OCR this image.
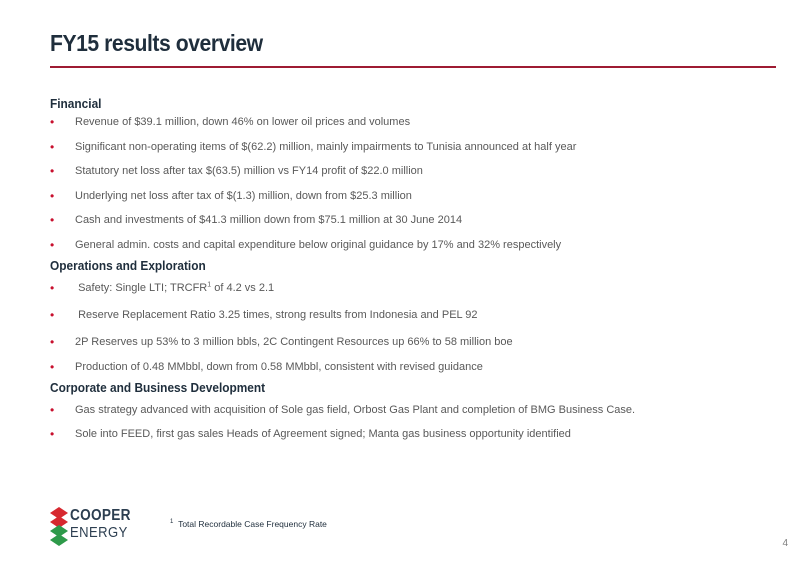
FY15 results overview
Financial
• Revenue of $39.1 million, down 46% on lower oil prices and volumes
• Significant non-operating items of $(62.2) million, mainly impairments to Tunisia announced at half year
• Statutory net loss after tax $(63.5) million vs FY14 profit of $22.0 million
• Underlying net loss after tax of $(1.3) million, down from $25.3 million
• Cash and investments of $41.3 million down from $75.1 million at 30 June 2014
• General admin. costs and capital expenditure below original guidance by 17% and 32% respectively
Operations and Exploration
• Safety: Single LTI; TRCFR$^1$ of 4.2 vs 2.1
• Reserve Replacement Ratio 3.25 times, strong results from Indonesia and PEL 92
• 2P Reserves up 53% to 3 million bbls, 2C Contingent Resources up 66% to 58 million boe
• Production of 0.48 MMbbl, down from 0.58 MMbbl, consistent with revised guidance
Corporate and Business Development
• Gas strategy advanced with acquisition of Sole gas field, Orbost Gas Plant and completion of BMG Business Case.
• Sole into FEED, first gas sales Heads of Agreement signed; Manta gas business opportunity identified
COOPER
ENERGY
$^1$ Total Recordable Case Frequency Rate
4
